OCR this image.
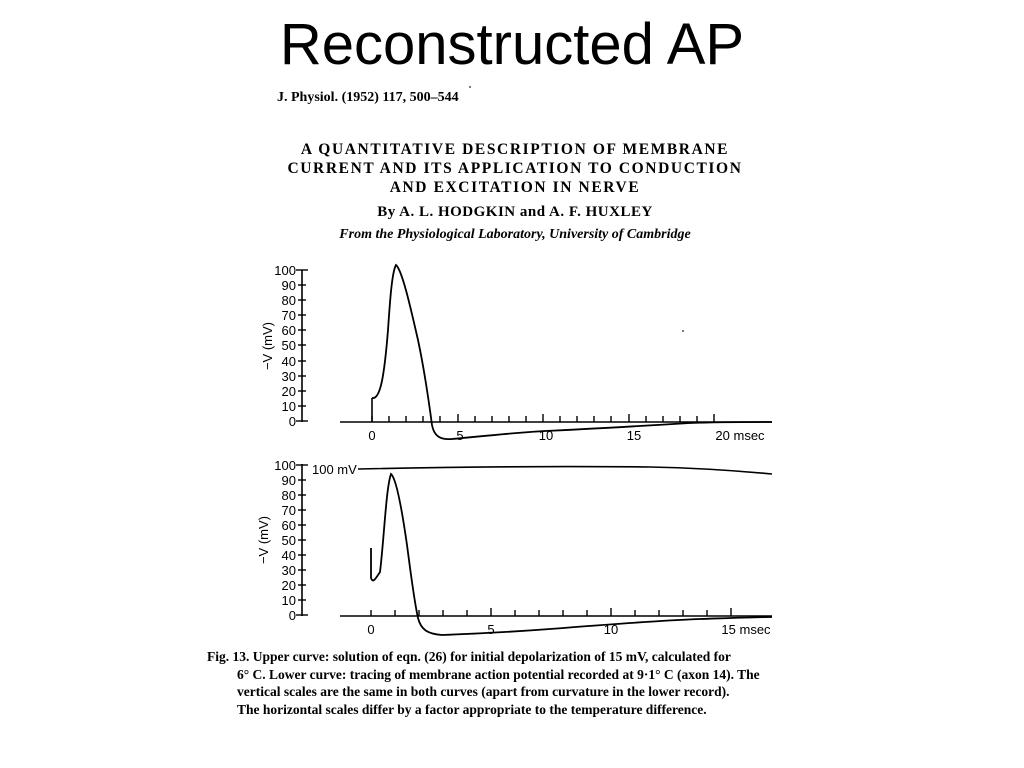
Reconstructed AP
J. Physiol. (1952) 117, 500–544
A QUANTITATIVE DESCRIPTION OF MEMBRANE
CURRENT AND ITS APPLICATION TO CONDUCTION
AND EXCITATION IN NERVE
By A. L. HODGKIN and A. F. HUXLEY
From the Physiological Laboratory, University of Cambridge
100
90
80
70
60
50
40
30
20
10
0
−V (mV)
0	5	10	15	20 msec
100
90
80
70
60
50
40
30
20
10
0
−V (mV)
100 mV
0	5	10	15 msec
Fig. 13. Upper curve: solution of eqn. (26) for initial depolarization of 15 mV, calculated for
6° C. Lower curve: tracing of membrane action potential recorded at 9·1° C (axon 14). The
vertical scales are the same in both curves (apart from curvature in the lower record).
The horizontal scales differ by a factor appropriate to the temperature difference.
